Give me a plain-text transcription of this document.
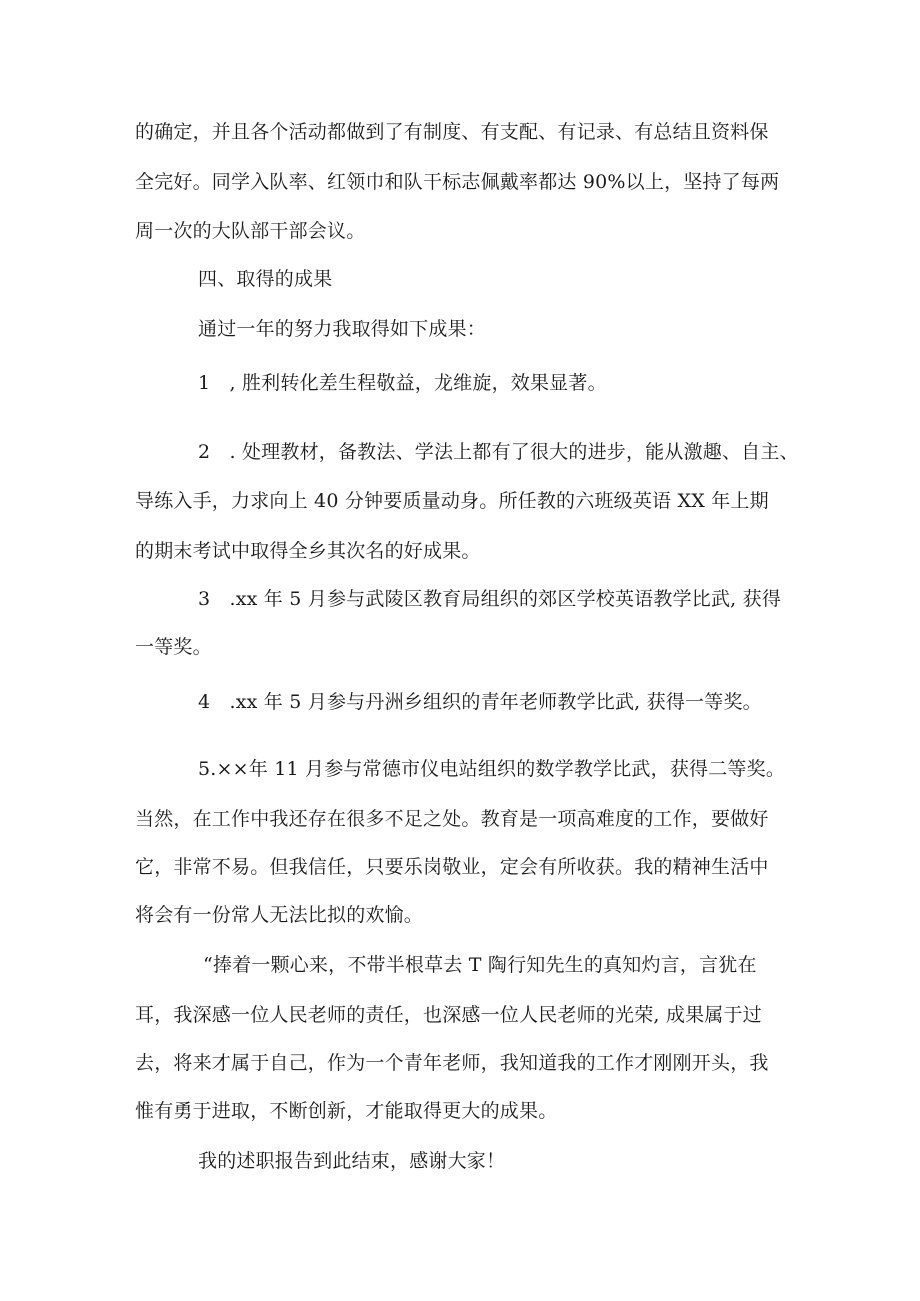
的确定，并且各个活动都做到了有制度、有支配、有记录、有总结且资料保
全完好。同学入队率、红领巾和队干标志佩戴率都达 90%以上，坚持了每两
周一次的大队部干部会议。
四、取得的成果
通过一年的努力我取得如下成果：
1　, 胜利转化差生程敬益，龙维旋，效果显著。
2　. 处理教材，备教法、学法上都有了很大的进步，能从激趣、自主、
导练入手，力求向上 40 分钟要质量动身。所任教的六班级英语 XX 年上期
的期末考试中取得全乡其次名的好成果。
3　.xx 年 5 月参与武陵区教育局组织的郊区学校英语教学比武, 获得
一等奖。
4　.xx 年 5 月参与丹洲乡组织的青年老师教学比武, 获得一等奖。
5.××年 11 月参与常德市仪电站组织的数学教学比武，获得二等奖。
当然，在工作中我还存在很多不足之处。教育是一项高难度的工作，要做好
它，非常不易。但我信任，只要乐岗敬业，定会有所收获。我的精神生活中
将会有一份常人无法比拟的欢愉。
“捧着一颗心来，不带半根草去 T 陶行知先生的真知灼言，言犹在
耳，我深感一位人民老师的责任，也深感一位人民老师的光荣, 成果属于过
去，将来才属于自己，作为一个青年老师，我知道我的工作才刚刚开头，我
惟有勇于进取，不断创新，才能取得更大的成果。
我的述职报告到此结束，感谢大家！
